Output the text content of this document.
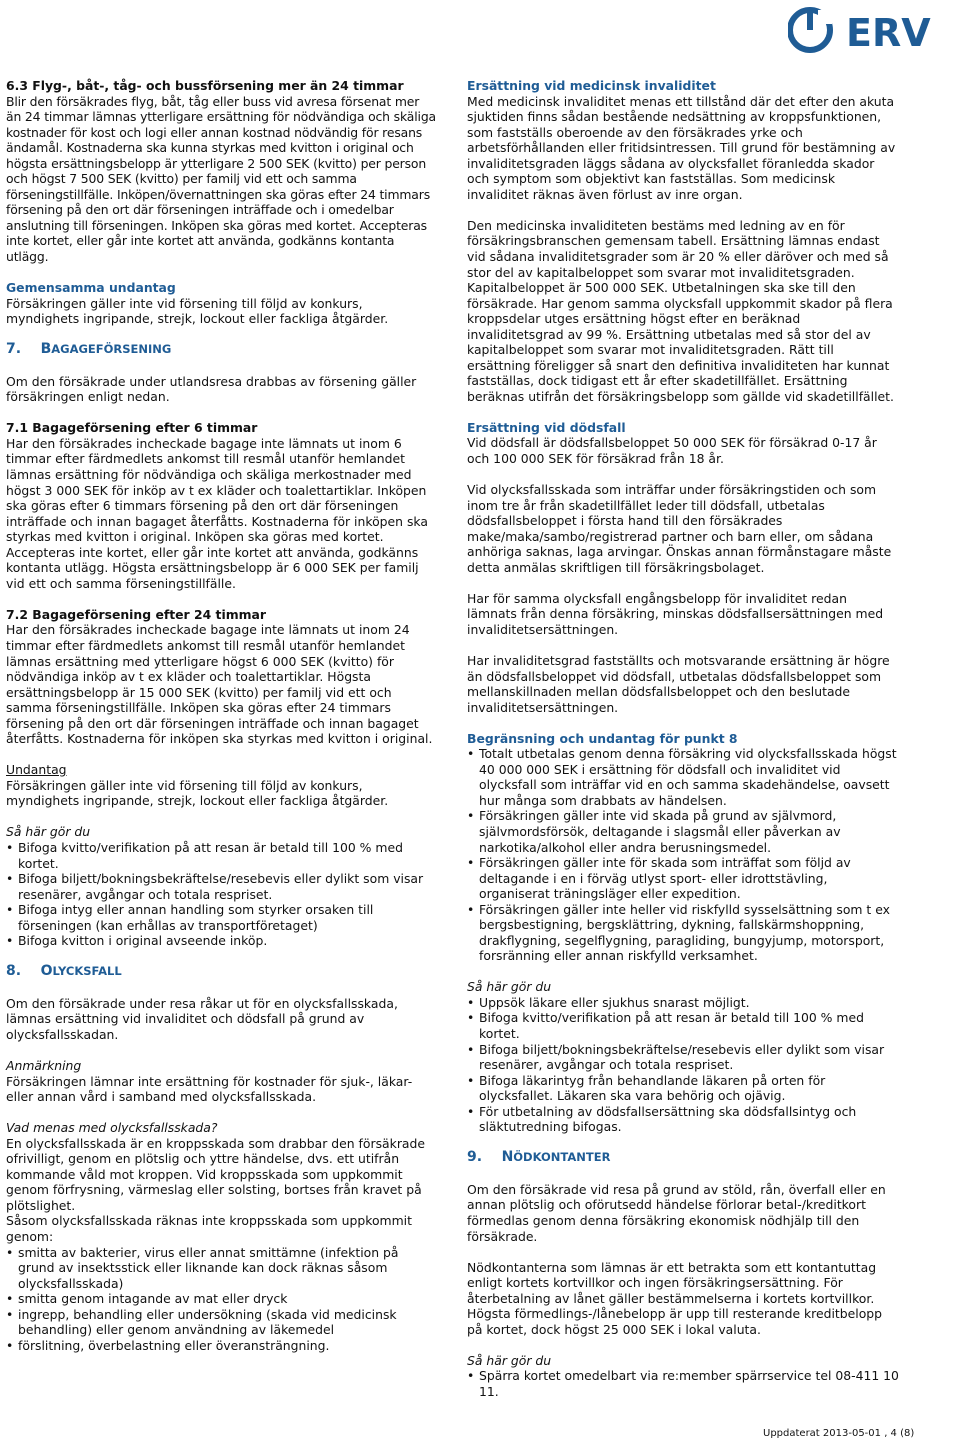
ERV

6.3 Flyg-, båt-, tåg- och bussförsening mer än 24 timmar

Blir den försäkrades flyg, båt, tåg eller buss vid avresa försenat mer än 24 timmar lämnas ytterligare ersättning för nödvändiga och skäliga kostnader för kost och logi eller annan kostnad nödvändig för resans ändamål. Kostnaderna ska kunna styrkas med kvitton i original och högsta ersättningsbelopp är ytterligare 2 500 SEK (kvitto) per person och högst 7 500 SEK (kvitto) per familj vid ett och samma förseningstillfälle. Inköpen/övernattningen ska göras efter 24 timmars försening på den ort där förseningen inträffade och i omedelbar anslutning till förseningen. Inköpen ska göras med kortet. Accepteras inte kortet, eller går inte kortet att använda, godkänns kontanta utlägg.

Gemensamma undantag

Försäkringen gäller inte vid försening till följd av konkurs, myndighets ingripande, strejk, lockout eller fackliga åtgärder.

7. BAGAGEFÖRSENING

Om den försäkrade under utlandsresa drabbas av försening gäller försäkringen enligt nedan.

7.1 Bagageförsening efter 6 timmar

Har den försäkrades incheckade bagage inte lämnats ut inom 6 timmar efter färdmedlets ankomst till resmål utanför hemlandet lämnas ersättning för nödvändiga och skäliga merkostnader med högst 3 000 SEK för inköp av t ex kläder och toalettartiklar. Inköpen ska göras efter 6 timmars försening på den ort där förseningen inträffade och innan bagaget återfåtts. Kostnaderna för inköpen ska styrkas med kvitton i original. Inköpen ska göras med kortet. Accepteras inte kortet, eller går inte kortet att använda, godkänns kontanta utlägg. Högsta ersättningsbelopp är 6 000 SEK per familj vid ett och samma förseningstillfälle.

7.2 Bagageförsening efter 24 timmar

Har den försäkrades incheckade bagage inte lämnats ut inom 24 timmar efter färdmedlets ankomst till resmål utanför hemlandet lämnas ersättning med ytterligare högst 6 000 SEK (kvitto) för nödvändiga inköp av t ex kläder och toalettartiklar. Högsta ersättningsbelopp är 15 000 SEK (kvitto) per familj vid ett och samma förseningstillfälle. Inköpen ska göras efter 24 timmars försening på den ort där förseningen inträffade och innan bagaget återfåtts. Kostnaderna för inköpen ska styrkas med kvitton i original.

Undantag

Försäkringen gäller inte vid försening till följd av konkurs, myndighets ingripande, strejk, lockout eller fackliga åtgärder.

Så här gör du

• Bifoga kvitto/verifikation på att resan är betald till 100 % med kortet.
• Bifoga biljett/bokningsbekräftelse/resebevis eller dylikt som visar resenärer, avgångar och totala respriset.
• Bifoga intyg eller annan handling som styrker orsaken till förseningen (kan erhållas av transportföretaget)
• Bifoga kvitton i original avseende inköp.
8. OLYCKSFALL

Om den försäkrade under resa råkar ut för en olycksfallsskada, lämnas ersättning vid invaliditet och dödsfall på grund av olycksfallsskadan.

Anmärkning

Försäkringen lämnar inte ersättning för kostnader för sjuk-, läkar- eller annan vård i samband med olycksfallsskada.

Vad menas med olycksfallsskada?

En olycksfallsskada är en kroppsskada som drabbar den försäkrade ofrivilligt, genom en plötslig och yttre händelse, dvs. ett utifrån kommande våld mot kroppen. Vid kroppsskada som uppkommit genom förfrysning, värmeslag eller solsting, bortses från kravet på plötslighet.

Såsom olycksfallsskada räknas inte kroppsskada som uppkommit genom:

• smitta av bakterier, virus eller annat smittämne (infektion på grund av insektsstick eller liknande kan dock räknas såsom olycksfallsskada)
• smitta genom intagande av mat eller dryck
• ingrepp, behandling eller undersökning (skada vid medicinsk behandling) eller genom användning av läkemedel
• förslitning, överbelastning eller överansträngning.

Ersättning vid medicinsk invaliditet

Med medicinsk invaliditet menas ett tillstånd där det efter den akuta sjuktiden finns sådan bestående nedsättning av kroppsfunktionen, som fastställs oberoende av den försäkrades yrke och arbetsförhållanden eller fritidsintressen. Till grund för bestämning av invaliditetsgraden läggs sådana av olycksfallet föranledda skador och symptom som objektivt kan fastställas. Som medicinsk invaliditet räknas även förlust av inre organ.

Den medicinska invaliditeten bestäms med ledning av en för försäkringsbranschen gemensam tabell. Ersättning lämnas endast vid sådana invaliditetsgrader som är 20 % eller däröver och med så stor del av kapitalbeloppet som svarar mot invaliditetsgraden. Kapitalbeloppet är 500 000 SEK. Utbetalningen ska ske till den försäkrade. Har genom samma olycksfall uppkommit skador på flera kroppsdelar utges ersättning högst efter en beräknad invaliditetsgrad av 99 %. Ersättning utbetalas med så stor del av kapitalbeloppet som svarar mot invaliditetsgraden. Rätt till ersättning föreligger så snart den definitiva invaliditeten har kunnat fastställas, dock tidigast ett år efter skadetillfället. Ersättning beräknas utifrån det försäkringsbelopp som gällde vid skadetillfället.

Ersättning vid dödsfall

Vid dödsfall är dödsfallsbeloppet 50 000 SEK för försäkrad 0-17 år och 100 000 SEK för försäkrad från 18 år.

Vid olycksfallsskada som inträffar under försäkringstiden och som inom tre år från skadetillfället leder till dödsfall, utbetalas dödsfallsbeloppet i första hand till den försäkrades make/maka/sambo/registrerad partner och barn eller, om sådana anhöriga saknas, laga arvingar. Önskas annan förmånstagare måste detta anmälas skriftligen till försäkringsbolaget.

Har för samma olycksfall engångsbelopp för invaliditet redan lämnats från denna försäkring, minskas dödsfallsersättningen med invaliditetsersättningen.

Har invaliditetsgrad fastställts och motsvarande ersättning är högre än dödsfallsbeloppet vid dödsfall, utbetalas dödsfallsbeloppet som mellanskillnaden mellan dödsfallsbeloppet och den beslutade invaliditetsersättningen.

Begränsning och undantag för punkt 8

• Totalt utbetalas genom denna försäkring vid olycksfallsskada högst 40 000 000 SEK i ersättning för dödsfall och invaliditet vid olycksfall som inträffar vid en och samma skadehändelse, oavsett hur många som drabbats av händelsen.
• Försäkringen gäller inte vid skada på grund av självmord, självmordsförsök, deltagande i slagsmål eller påverkan av narkotika/alkohol eller andra berusningsmedel.
• Försäkringen gäller inte för skada som inträffat som följd av deltagande i en i förväg utlyst sport- eller idrottstävling, organiserat träningsläger eller expedition.
• Försäkringen gäller inte heller vid riskfylld sysselsättning som t ex bergsbestigning, bergsklättring, dykning, fallskärmshoppning, drakflygning, segelflygning, paragliding, bungyjump, motorsport, forsränning eller annan riskfylld verksamhet.

Så här gör du

• Uppsök läkare eller sjukhus snarast möjligt.
• Bifoga kvitto/verifikation på att resan är betald till 100 % med kortet.
• Bifoga biljett/bokningsbekräftelse/resebevis eller dylikt som visar resenärer, avgångar och totala respriset.
• Bifoga läkarintyg från behandlande läkaren på orten för olycksfallet. Läkaren ska vara behörig och ojävig.
• För utbetalning av dödsfallsersättning ska dödsfallsintyg och släktutredning bifogas.
9. NÖDKONTANTER

Om den försäkrade vid resa på grund av stöld, rån, överfall eller en annan plötslig och oförutsedd händelse förlorar betal-/kreditkort förmedlas genom denna försäkring ekonomisk nödhjälp till den försäkrade.

Nödkontanterna som lämnas är ett betrakta som ett kontantuttag enligt kortets kortvillkor och ingen försäkringsersättning. För återbetalning av lånet gäller bestämmelserna i kortets kortvillkor. Högsta förmedlings-/lånebelopp är upp till resterande kreditbelopp på kortet, dock högst 25 000 SEK i lokal valuta.

Så här gör du

• Spärra kortet omedelbart via re:member spärrservice tel 08-411 10 11.
Uppdaterat 2013-05-01 , 4 (8)
